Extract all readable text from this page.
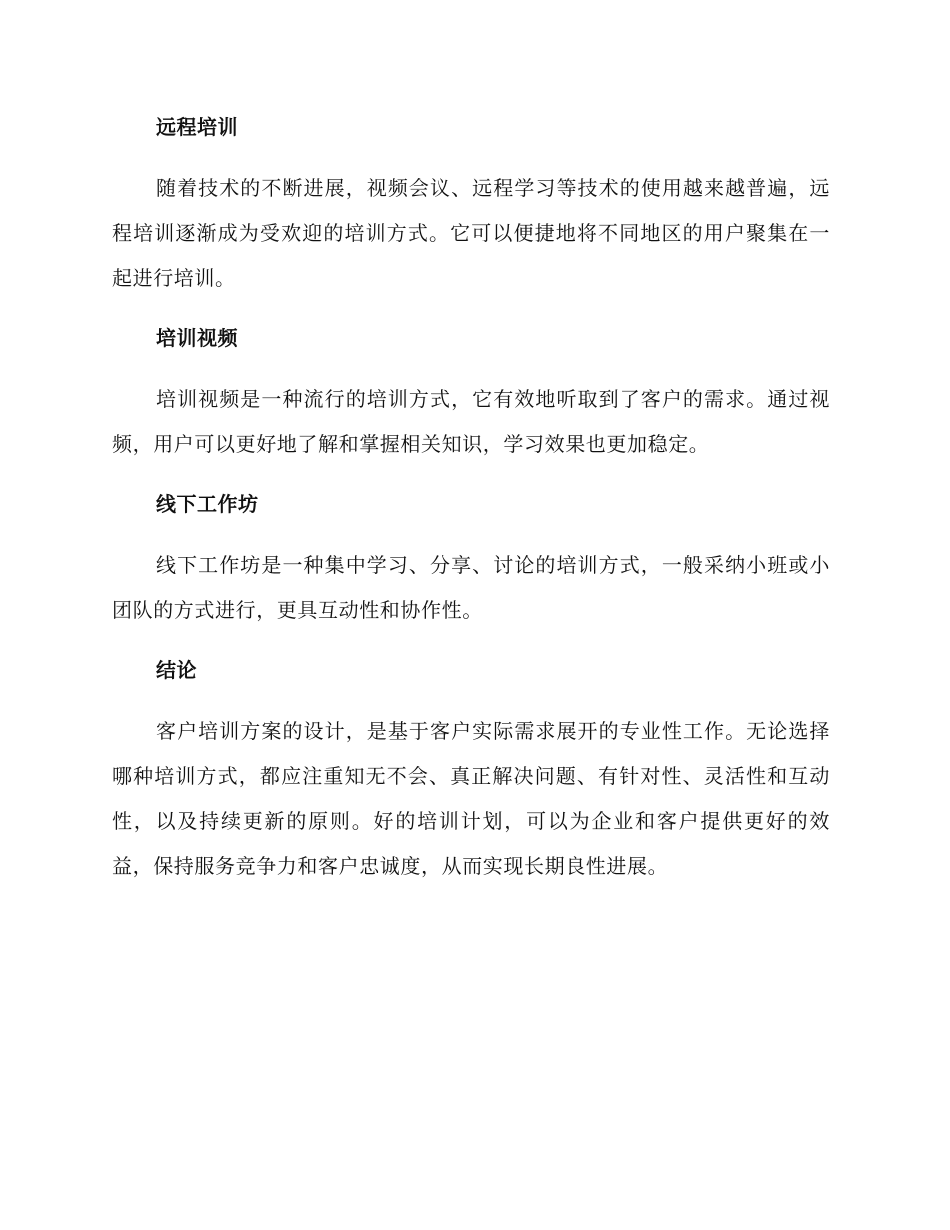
远程培训

随着技术的不断进展，视频会议、远程学习等技术的使用越来越普遍，远程培训逐渐成为受欢迎的培训方式。它可以便捷地将不同地区的用户聚集在一起进行培训。

培训视频

培训视频是一种流行的培训方式，它有效地听取到了客户的需求。通过视频，用户可以更好地了解和掌握相关知识，学习效果也更加稳定。

线下工作坊

线下工作坊是一种集中学习、分享、讨论的培训方式，一般采纳小班或小团队的方式进行，更具互动性和协作性。

结论

客户培训方案的设计，是基于客户实际需求展开的专业性工作。无论选择哪种培训方式，都应注重知无不会、真正解决问题、有针对性、灵活性和互动性，以及持续更新的原则。好的培训计划，可以为企业和客户提供更好的效益，保持服务竞争力和客户忠诚度，从而实现长期良性进展。
